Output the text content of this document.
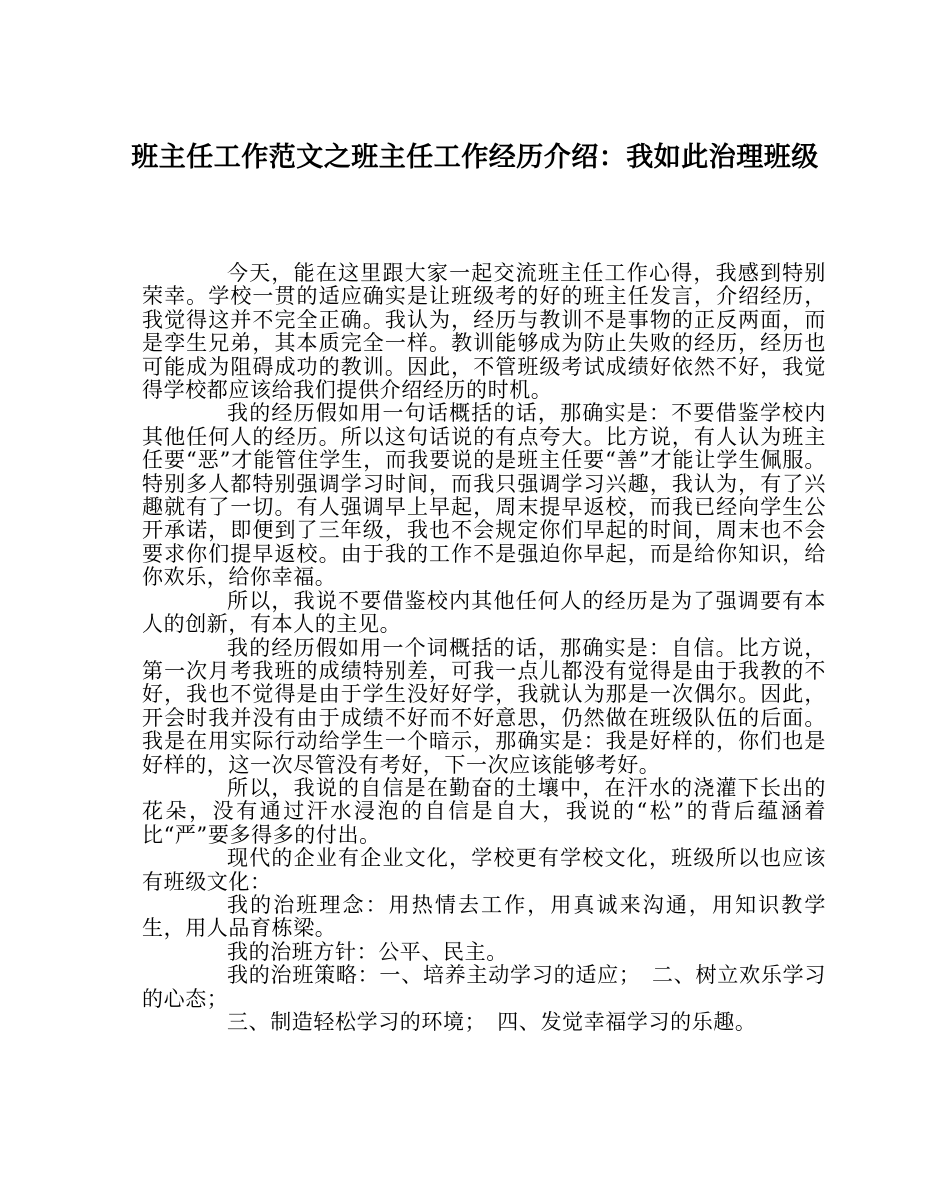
班主任工作范文之班主任工作经历介绍：我如此治理班级

今天，能在这里跟大家一起交流班主任工作心得，我感到特别荣幸。学校一贯的适应确实是让班级考的好的班主任发言，介绍经历，我觉得这并不完全正确。我认为，经历与教训不是事物的正反两面，而是孪生兄弟，其本质完全一样。教训能够成为防止失败的经历，经历也可能成为阻碍成功的教训。因此，不管班级考试成绩好依然不好，我觉得学校都应该给我们提供介绍经历的时机。

我的经历假如用一句话概括的话，那确实是：不要借鉴学校内其他任何人的经历。所以这句话说的有点夸大。比方说，有人认为班主任要“恶”才能管住学生，而我要说的是班主任要“善”才能让学生佩服。特别多人都特别强调学习时间，而我只强调学习兴趣，我认为，有了兴趣就有了一切。有人强调早上早起，周末提早返校，而我已经向学生公开承诺，即便到了三年级，我也不会规定你们早起的时间，周末也不会要求你们提早返校。由于我的工作不是强迫你早起，而是给你知识，给你欢乐，给你幸福。

所以，我说不要借鉴校内其他任何人的经历是为了强调要有本人的创新，有本人的主见。

我的经历假如用一个词概括的话，那确实是：自信。比方说，第一次月考我班的成绩特别差，可我一点儿都没有觉得是由于我教的不好，我也不觉得是由于学生没好好学，我就认为那是一次偶尔。因此，开会时我并没有由于成绩不好而不好意思，仍然做在班级队伍的后面。我是在用实际行动给学生一个暗示，那确实是：我是好样的，你们也是好样的，这一次尽管没有考好，下一次应该能够考好。

所以，我说的自信是在勤奋的土壤中，在汗水的浇灌下长出的花朵，没有通过汗水浸泡的自信是自大，我说的“松”的背后蕴涵着比“严”要多得多的付出。

现代的企业有企业文化，学校更有学校文化，班级所以也应该有班级文化：

我的治班理念：用热情去工作，用真诚来沟通，用知识教学生，用人品育栋梁。

我的治班方针：公平、民主。

我的治班策略：一、培养主动学习的适应；　二、树立欢乐学习的心态；

三、制造轻松学习的环境；　四、发觉幸福学习的乐趣。
